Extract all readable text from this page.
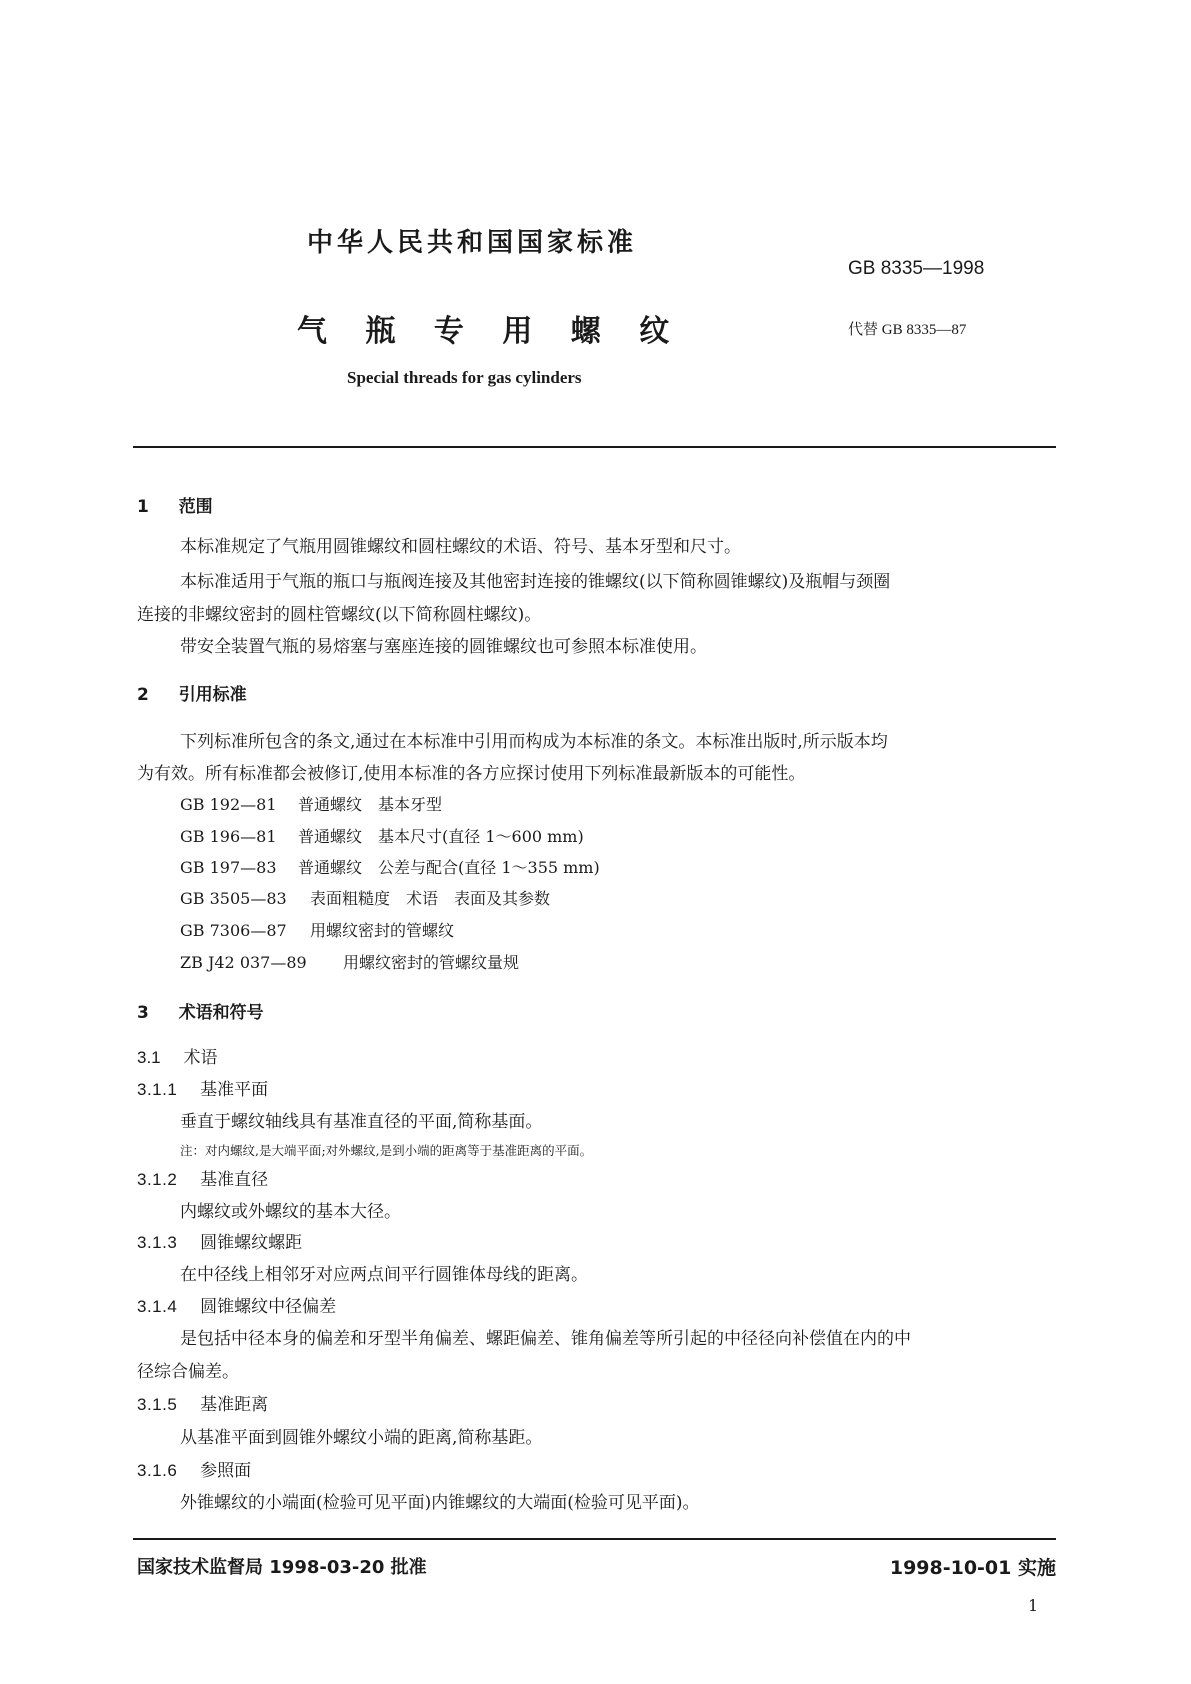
中华人民共和国国家标准
GB 8335—1998
气 瓶 专 用 螺 纹	代替 GB 8335—87
Special threads for gas cylinders
1 范围
本标准规定了气瓶用圆锥螺纹和圆柱螺纹的术语、符号、基本牙型和尺寸。
本标准适用于气瓶的瓶口与瓶阀连接及其他密封连接的锥螺纹(以下简称圆锥螺纹)及瓶帽与颈圈
连接的非螺纹密封的圆柱管螺纹(以下简称圆柱螺纹)。
带安全装置气瓶的易熔塞与塞座连接的圆锥螺纹也可参照本标准使用。
2 引用标准
下列标准所包含的条文,通过在本标准中引用而构成为本标准的条文。本标准出版时,所示版本均
为有效。所有标准都会被修订,使用本标准的各方应探讨使用下列标准最新版本的可能性。
GB 192—81 普通螺纹　基本牙型
GB 196—81 普通螺纹　基本尺寸(直径 1～600 mm)
GB 197—83 普通螺纹　公差与配合(直径 1～355 mm)
GB 3505—83 表面粗糙度　术语　表面及其参数
GB 7306—87 用螺纹密封的管螺纹
ZB J42 037—89 用螺纹密封的管螺纹量规
3 术语和符号
3.1 术语
3.1.1 基准平面
垂直于螺纹轴线具有基准直径的平面,简称基面。
注：对内螺纹,是大端平面;对外螺纹,是到小端的距离等于基准距离的平面。
3.1.2 基准直径
内螺纹或外螺纹的基本大径。
3.1.3 圆锥螺纹螺距
在中径线上相邻牙对应两点间平行圆锥体母线的距离。
3.1.4 圆锥螺纹中径偏差
是包括中径本身的偏差和牙型半角偏差、螺距偏差、锥角偏差等所引起的中径径向补偿值在内的中
径综合偏差。
3.1.5 基准距离
从基准平面到圆锥外螺纹小端的距离,简称基距。
3.1.6 参照面
外锥螺纹的小端面(检验可见平面)内锥螺纹的大端面(检验可见平面)。
国家技术监督局 1998-03-20 批准	1998-10-01 实施
1
